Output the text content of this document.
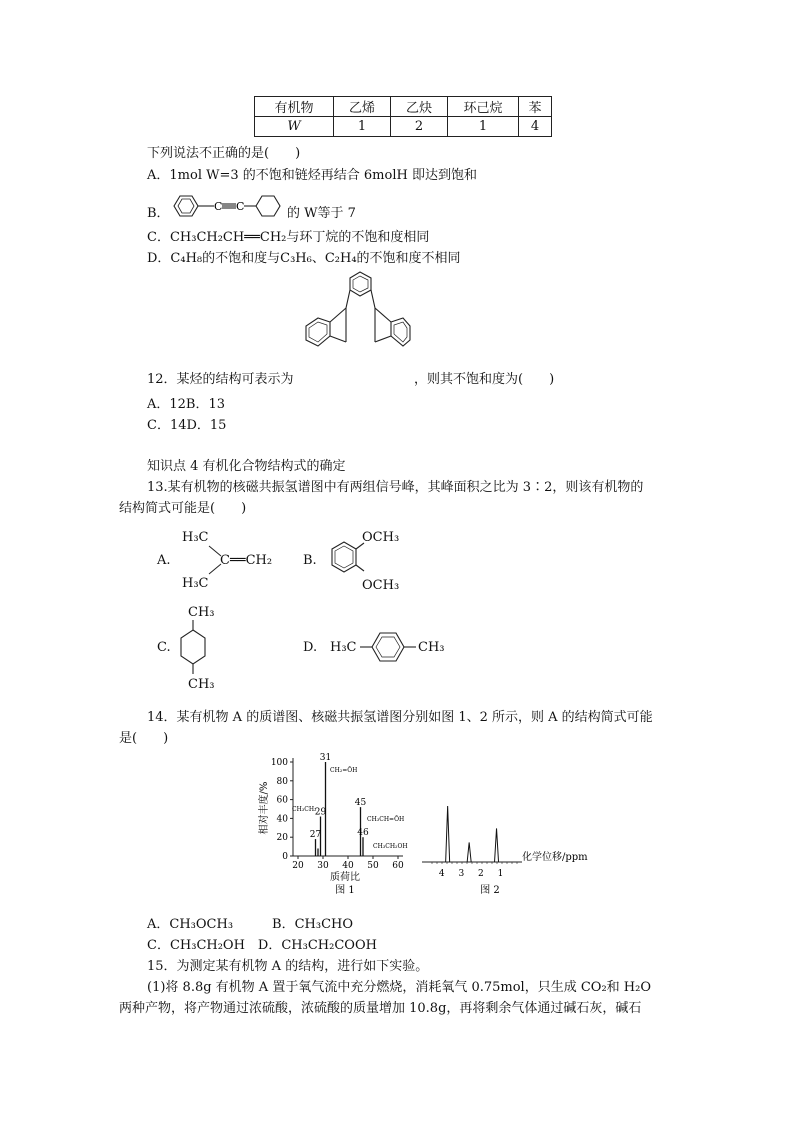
有机物	乙烯	乙炔	环己烷	苯
W	1	2	1	4
下列说法不正确的是(　　)
A．1mol W=3 的不饱和链烃再结合 6molH 即达到饱和
B．	C C	的 W等于 7
C．CH₃CH₂CH══CH₂与环丁烷的不饱和度相同
D．C₄H₈的不饱和度与C₃H₆、C₂H₄的不饱和度不相同
12．某烃的结构可表示为	，则其不饱和度为(　　)
A．12B．13
C．14D．15
知识点 4 有机化合物结构式的确定
13.某有机物的核磁共振氢谱图中有两组信号峰，其峰面积之比为 3∶2，则该有机物的
结构简式可能是(　　)
A.
H₃C
H₃C
C══CH₂ B.
OCH₃
OCH₃
C.
CH₃
CH₃
D. H₃C	CH₃
14．某有机物 A 的质谱图、核磁共振氢谱图分别如图 1、2 所示，则 A 的结构简式可能
是(　　)
0
20
40
60
80
100
20 30 40 50 60
27
29
31
45
46
相对丰度/%
质荷比
图 1
CH₂=ŌH
CH₃CH₂
CH₃CH=ŌH
CH₃CH₂OH
4 3 2 1
化学位移/ppm
图 2
A．CH₃OCH₃　　　B．CH₃CHO
C．CH₃CH₂OH　D．CH₃CH₂COOH
15．为测定某有机物 A 的结构，进行如下实验。
(1)将 8.8g 有机物 A 置于氧气流中充分燃烧，消耗氧气 0.75mol，只生成 CO₂和 H₂O
两种产物，将产物通过浓硫酸，浓硫酸的质量增加 10.8g，再将剩余气体通过碱石灰，碱石
